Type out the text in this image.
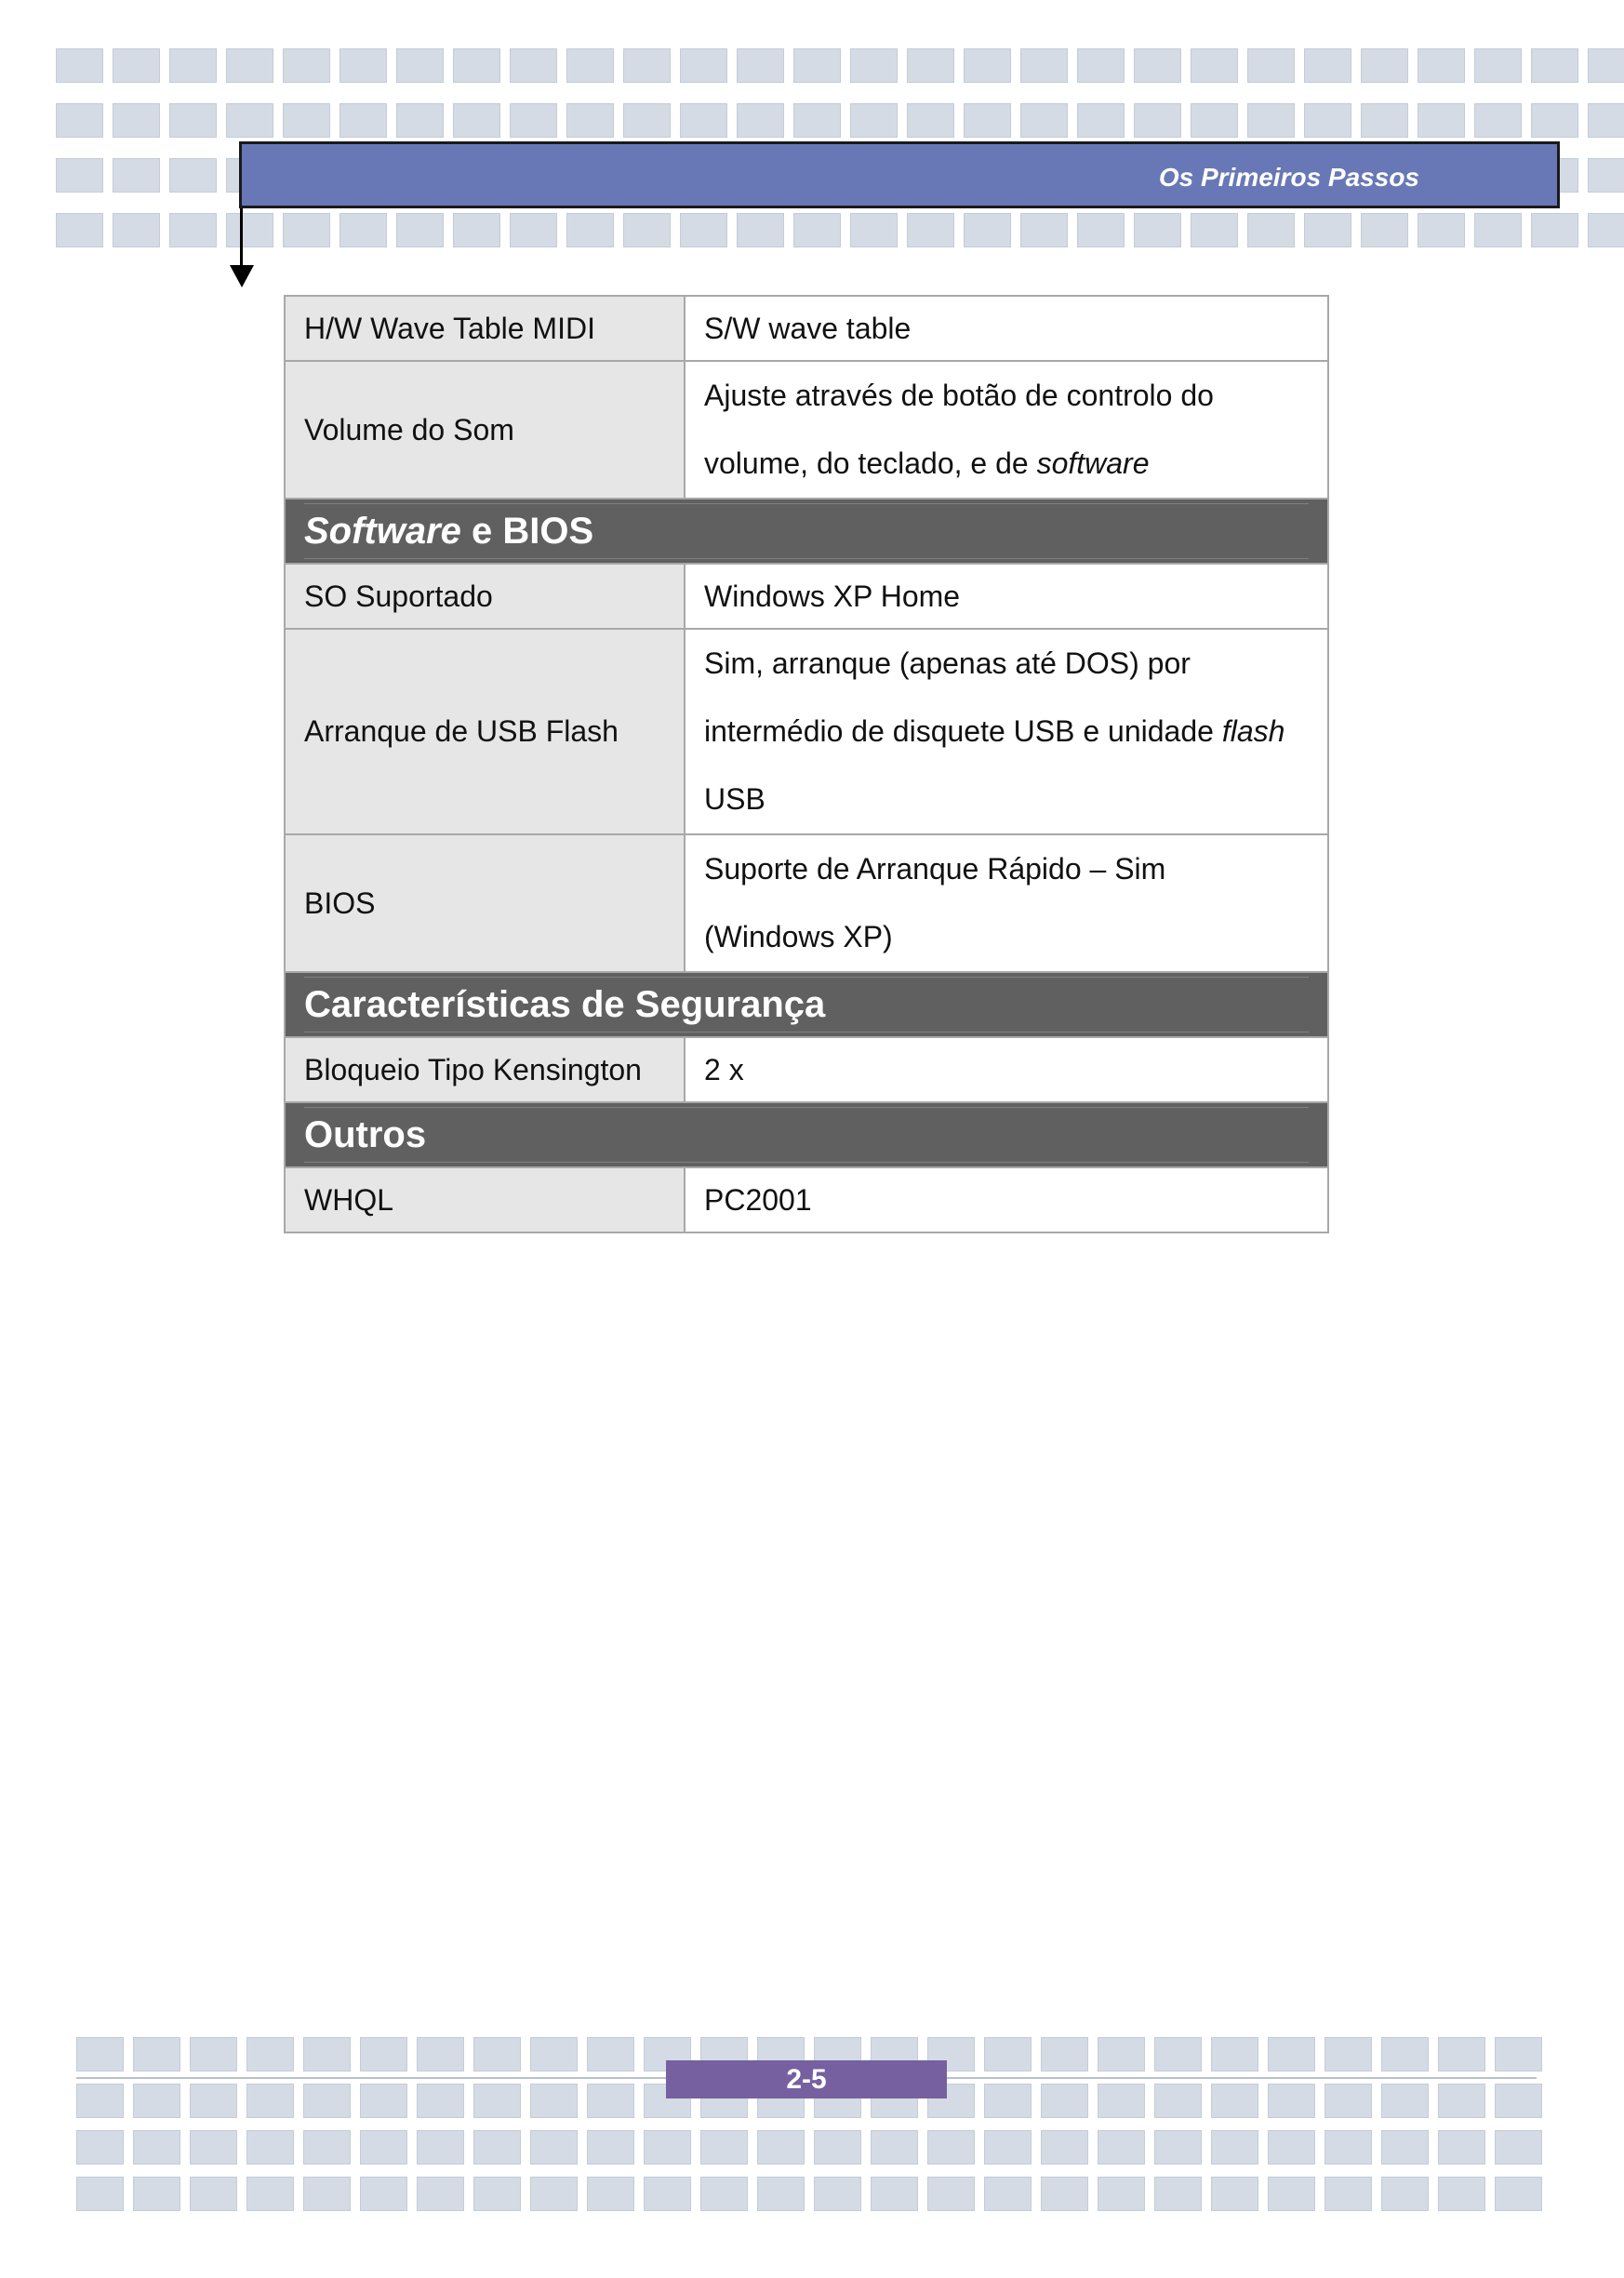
Os Primeiros Passos
H/W Wave Table MIDI	S/W wave table
Volume do Som	Ajuste através de botão de controlo do
volume, do teclado, e de software

Software e BIOS	

SO Suportado	Windows XP Home
Arranque de USB Flash	Sim, arranque (apenas até DOS) por
intermédio de disquete USB e unidade flash
USB

BIOS	Suporte de Arranque Rápido – Sim
(Windows XP)

Características de Segurança	

Bloqueio Tipo Kensington	2 x

Outros	

WHQL	PC2001
2-5
